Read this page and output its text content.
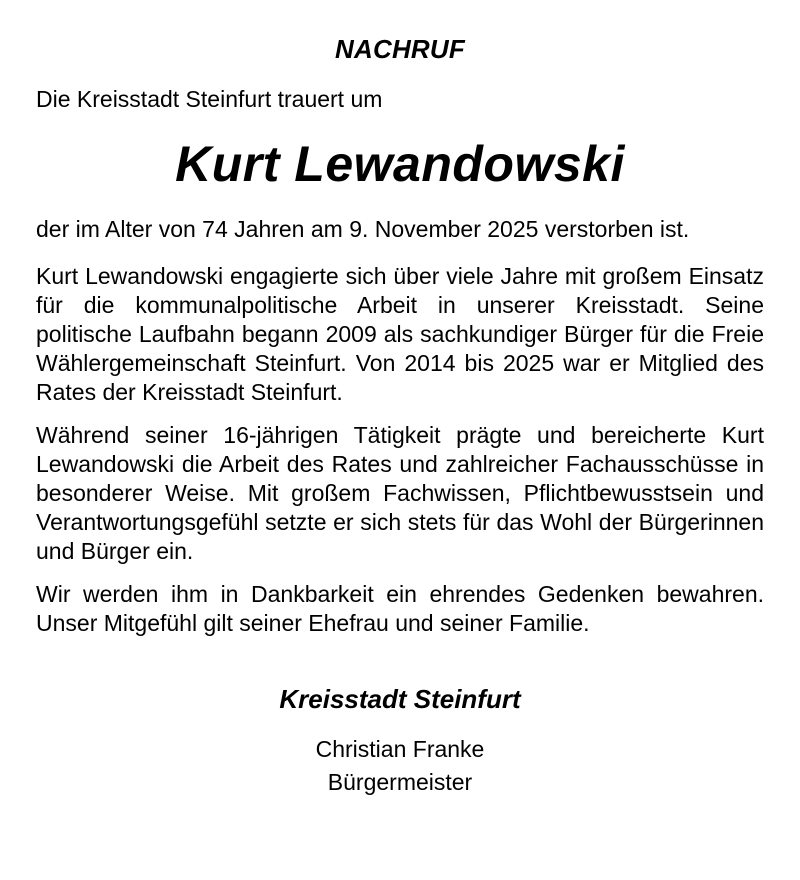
NACHRUF

Die Kreisstadt Steinfurt trauert um

Kurt Lewandowski

der im Alter von 74 Jahren am 9. November 2025 verstorben ist.

Kurt Lewandowski engagierte sich über viele Jahre mit großem Einsatz für die kommunalpolitische Arbeit in unserer Kreisstadt. Seine politische Laufbahn begann 2009 als sachkundiger Bürger für die Freie Wählergemeinschaft Steinfurt. Von 2014 bis 2025 war er Mitglied des Rates der Kreisstadt Steinfurt.

Während seiner 16-jährigen Tätigkeit prägte und bereicherte Kurt Lewandowski die Arbeit des Rates und zahlreicher Fachausschüsse in besonderer Weise. Mit großem Fachwissen, Pflichtbewusstsein und Verantwortungsgefühl setzte er sich stets für das Wohl der Bürgerinnen und Bürger ein.

Wir werden ihm in Dankbarkeit ein ehrendes Gedenken bewahren. Unser Mitgefühl gilt seiner Ehefrau und seiner Familie.

Kreisstadt Steinfurt
Christian Franke
Bürgermeister
